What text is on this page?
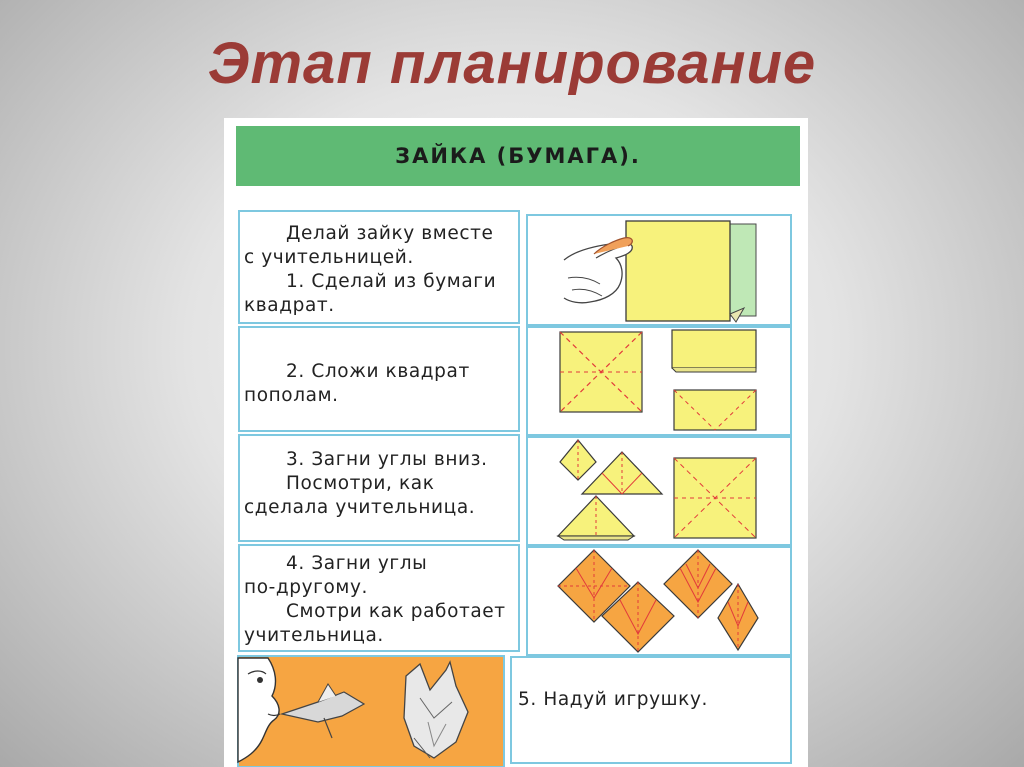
Этап планирование
ЗАЙКА (БУМАГА).
Делай зайку вместе
с учительницей.
1. Сделай из бумаги
квадрат.
2. Сложи квадрат
пополам.
3. Загни углы вниз.
Посмотри, как
сделала учительница.
4. Загни углы
по-другому.
Смотри как работает
учительница.
5. Надуй игрушку.
